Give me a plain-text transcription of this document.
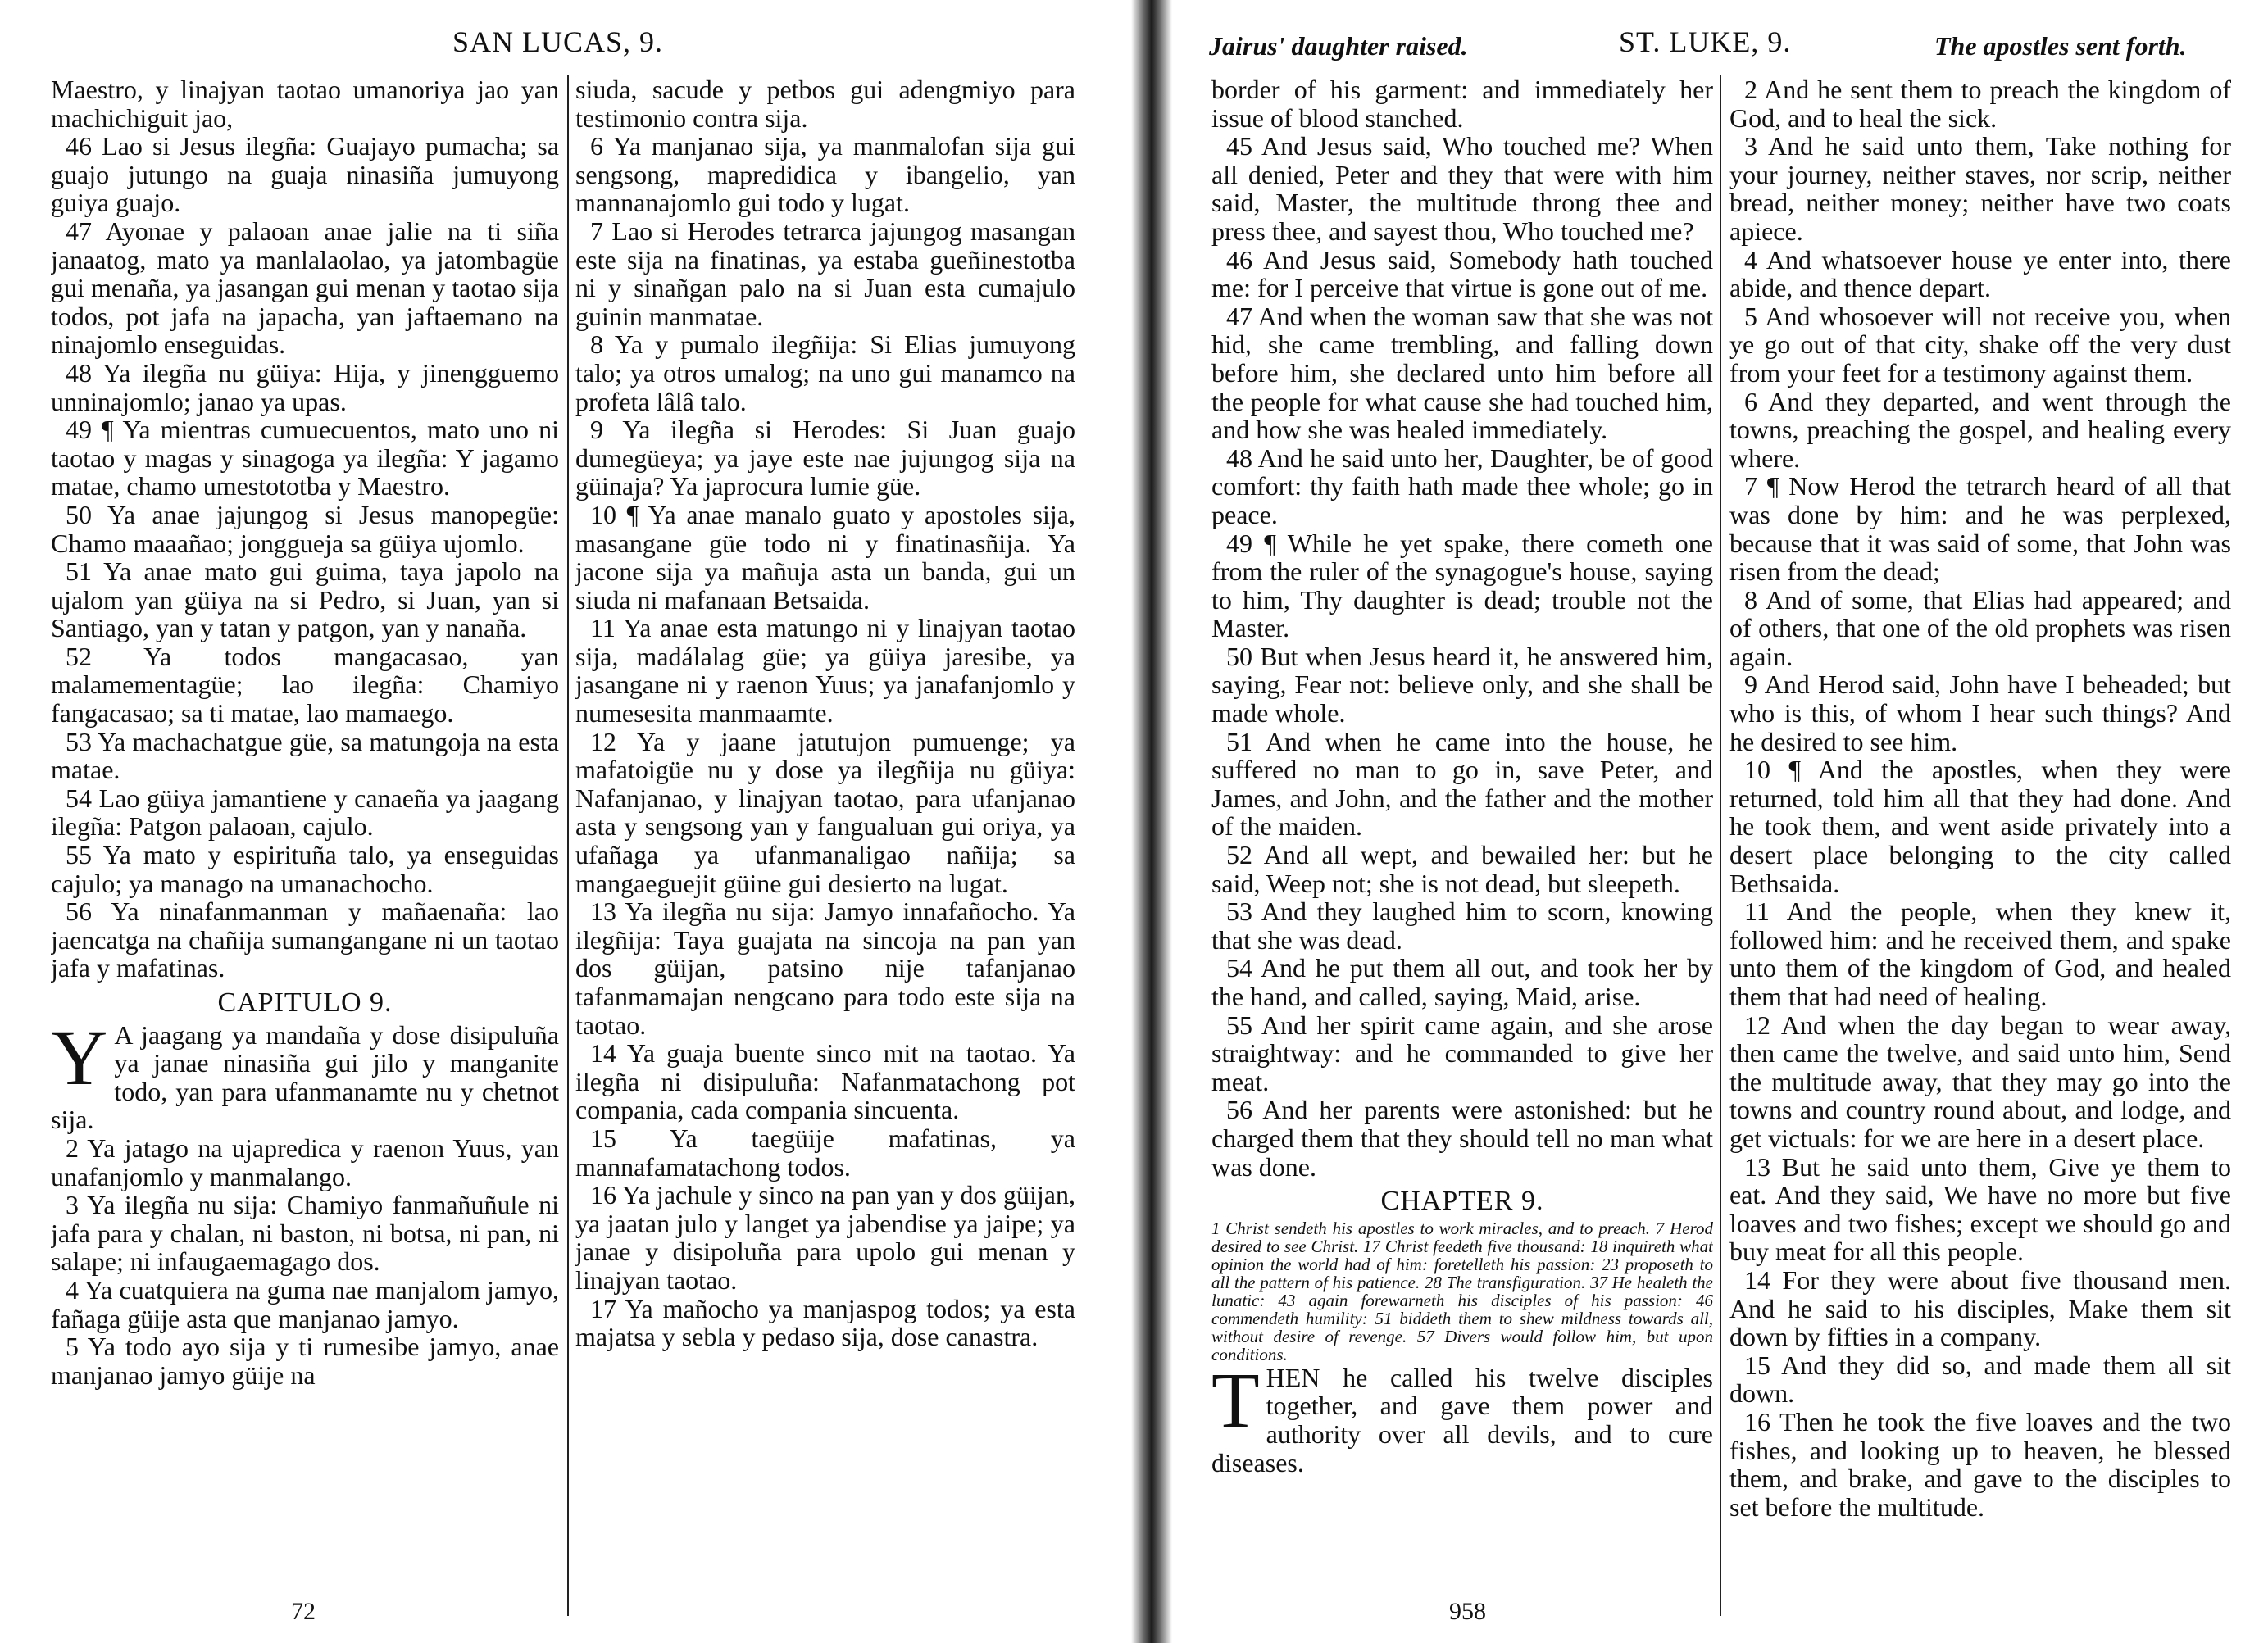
SAN LUCAS, 9.

Maestro, y linajyan taotao umanoriya jao yan machichiguit jao,

46 Lao si Jesus ilegña: Guajayo pumacha; sa guajo jutungo na guaja ninasiña jumuyong guiya guajo.

47 Ayonae y palaoan anae jalie na ti siña janaatog, mato ya manlalaolao, ya jatombagüe gui menaña, ya jasangan gui menan y taotao sija todos, pot jafa na japacha, yan jaftaemano na ninajomlo enseguidas.

48 Ya ilegña nu güiya: Hija, y jinengguemo unninajomlo; janao ya upas.

49 ¶ Ya mientras cumuecuentos, mato uno ni taotao y magas y sinagoga ya ilegña: Y jagamo matae, chamo umestototba y Maestro.

50 Ya anae jajungog si Jesus manopegüe: Chamo maaañao; jonggueja sa güiya ujomlo.

51 Ya anae mato gui guima, taya japolo na ujalom yan güiya na si Pedro, si Juan, yan si Santiago, yan y tatan y patgon, yan y nanaña.

52 Ya todos mangacasao, yan malamementagüe; lao ilegña: Chamiyo fangacasao; sa ti matae, lao mamaego.

53 Ya machachatgue güe, sa matungoja na esta matae.

54 Lao güiya jamantiene y canaeña ya jaagang ilegña: Patgon palaoan, cajulo.

55 Ya mato y espirituña talo, ya enseguidas cajulo; ya manago na umanachocho.

56 Ya ninafanmanman y mañaenaña: lao jaencatga na chañija sumangangane ni un taotao jafa y mafatinas.

CAPITULO 9.

Y A jaagang ya mandaña y dose disipuluña ya janae ninasiña gui jilo y manganite todo, yan para ufanmanamte nu y chetnot sija.

2 Ya jatago na ujapredica y raenon Yuus, yan unafanjomlo y manmalango.

3 Ya ilegña nu sija: Chamiyo fanmañuñule ni jafa para y chalan, ni baston, ni botsa, ni pan, ni salape; ni infaugaemagago dos.

4 Ya cuatquiera na guma nae manjalom jamyo, fañaga güije asta que manjanao jamyo.

5 Ya todo ayo sija y ti rumesibe jamyo, anae manjanao jamyo güije na

siuda, sacude y petbos gui adengmiyo para testimonio contra sija.

6 Ya manjanao sija, ya manmalofan sija gui sengsong, mapredidica y ibangelio, yan mannanajomlo gui todo y lugat.

7 Lao si Herodes tetrarca jajungog masangan este sija na finatinas, ya estaba gueñinestotba ni y sinañgan palo na si Juan esta cumajulo guinin manmatae.

8 Ya y pumalo ilegñija: Si Elias jumuyong talo; ya otros umalog; na uno gui manamco na profeta lâlâ talo.

9 Ya ilegña si Herodes: Si Juan guajo dumegüeya; ya jaye este nae jujungog sija na güinaja? Ya japrocura lumie güe.

10 ¶ Ya anae manalo guato y apostoles sija, masangane güe todo ni y finatinasñija. Ya jacone sija ya mañuja asta un banda, gui un siuda ni mafanaan Betsaida.

11 Ya anae esta matungo ni y linajyan taotao sija, madálalag güe; ya güiya jaresibe, ya jasangane ni y raenon Yuus; ya janafanjomlo y numesesita manmaamte.

12 Ya y jaane jatutujon pumuenge; ya mafatoigüe nu y dose ya ilegñija nu güiya: Nafanjanao, y linajyan taotao, para ufanjanao asta y sengsong yan y fangualuan gui oriya, ya ufañaga ya ufanmanaligao nañija; sa mangaeguejit güine gui desierto na lugat.

13 Ya ilegña nu sija: Jamyo innafañocho. Ya ilegñija: Taya guajata na sincoja na pan yan dos güijan, patsino nije tafanjanao tafanmamajan nengcano para todo este sija na taotao.

14 Ya guaja buente sinco mit na taotao. Ya ilegña ni disipuluña: Nafanmatachong pot compania, cada compania sincuenta.

15 Ya taegüije mafatinas, ya mannafamatachong todos.

16 Ya jachule y sinco na pan yan y dos güijan, ya jaatan julo y langet ya jabendise ya jaipe; ya janae y disipoluña para upolo gui menan y linajyan taotao.

17 Ya mañocho ya manjaspog todos; ya esta majatsa y sebla y pedaso sija, dose canastra.

72
Jairus' daughter raised.	ST. LUKE, 9.	The apostles sent forth.

border of his garment: and immediately her issue of blood stanched.

45 And Jesus said, Who touched me? When all denied, Peter and they that were with him said, Master, the multitude throng thee and press thee, and sayest thou, Who touched me?

46 And Jesus said, Somebody hath touched me: for I perceive that virtue is gone out of me.

47 And when the woman saw that she was not hid, she came trembling, and falling down before him, she declared unto him before all the people for what cause she had touched him, and how she was healed immediately.

48 And he said unto her, Daughter, be of good comfort: thy faith hath made thee whole; go in peace.

49 ¶ While he yet spake, there cometh one from the ruler of the synagogue's house, saying to him, Thy daughter is dead; trouble not the Master.

50 But when Jesus heard it, he answered him, saying, Fear not: believe only, and she shall be made whole.

51 And when he came into the house, he suffered no man to go in, save Peter, and James, and John, and the father and the mother of the maiden.

52 And all wept, and bewailed her: but he said, Weep not; she is not dead, but sleepeth.

53 And they laughed him to scorn, knowing that she was dead.

54 And he put them all out, and took her by the hand, and called, saying, Maid, arise.

55 And her spirit came again, and she arose straightway: and he commanded to give her meat.

56 And her parents were astonished: but he charged them that they should tell no man what was done.

CHAPTER 9.

1 Christ sendeth his apostles to work miracles, and to preach. 7 Herod desired to see Christ. 17 Christ feedeth five thousand: 18 inquireth what opinion the world had of him: foretelleth his passion: 23 proposeth to all the pattern of his patience. 28 The transfiguration. 37 He healeth the lunatic: 43 again forewarneth his disciples of his passion: 46 commendeth humility: 51 biddeth them to shew mildness towards all, without desire of revenge. 57 Divers would follow him, but upon conditions.

THEN he called his twelve disciples together, and gave them power and authority over all devils, and to cure diseases.

2 And he sent them to preach the kingdom of God, and to heal the sick.

3 And he said unto them, Take nothing for your journey, neither staves, nor scrip, neither bread, neither money; neither have two coats apiece.

4 And whatsoever house ye enter into, there abide, and thence depart.

5 And whosoever will not receive you, when ye go out of that city, shake off the very dust from your feet for a testimony against them.

6 And they departed, and went through the towns, preaching the gospel, and healing every where.

7 ¶ Now Herod the tetrarch heard of all that was done by him: and he was perplexed, because that it was said of some, that John was risen from the dead;

8 And of some, that Elias had appeared; and of others, that one of the old prophets was risen again.

9 And Herod said, John have I beheaded; but who is this, of whom I hear such things? And he desired to see him.

10 ¶ And the apostles, when they were returned, told him all that they had done. And he took them, and went aside privately into a desert place belonging to the city called Bethsaida.

11 And the people, when they knew it, followed him: and he received them, and spake unto them of the kingdom of God, and healed them that had need of healing.

12 And when the day began to wear away, then came the twelve, and said unto him, Send the multitude away, that they may go into the towns and country round about, and lodge, and get victuals: for we are here in a desert place.

13 But he said unto them, Give ye them to eat. And they said, We have no more but five loaves and two fishes; except we should go and buy meat for all this people.

14 For they were about five thousand men. And he said to his disciples, Make them sit down by fifties in a company.

15 And they did so, and made them all sit down.

16 Then he took the five loaves and the two fishes, and looking up to heaven, he blessed them, and brake, and gave to the disciples to set before the multitude.

958
